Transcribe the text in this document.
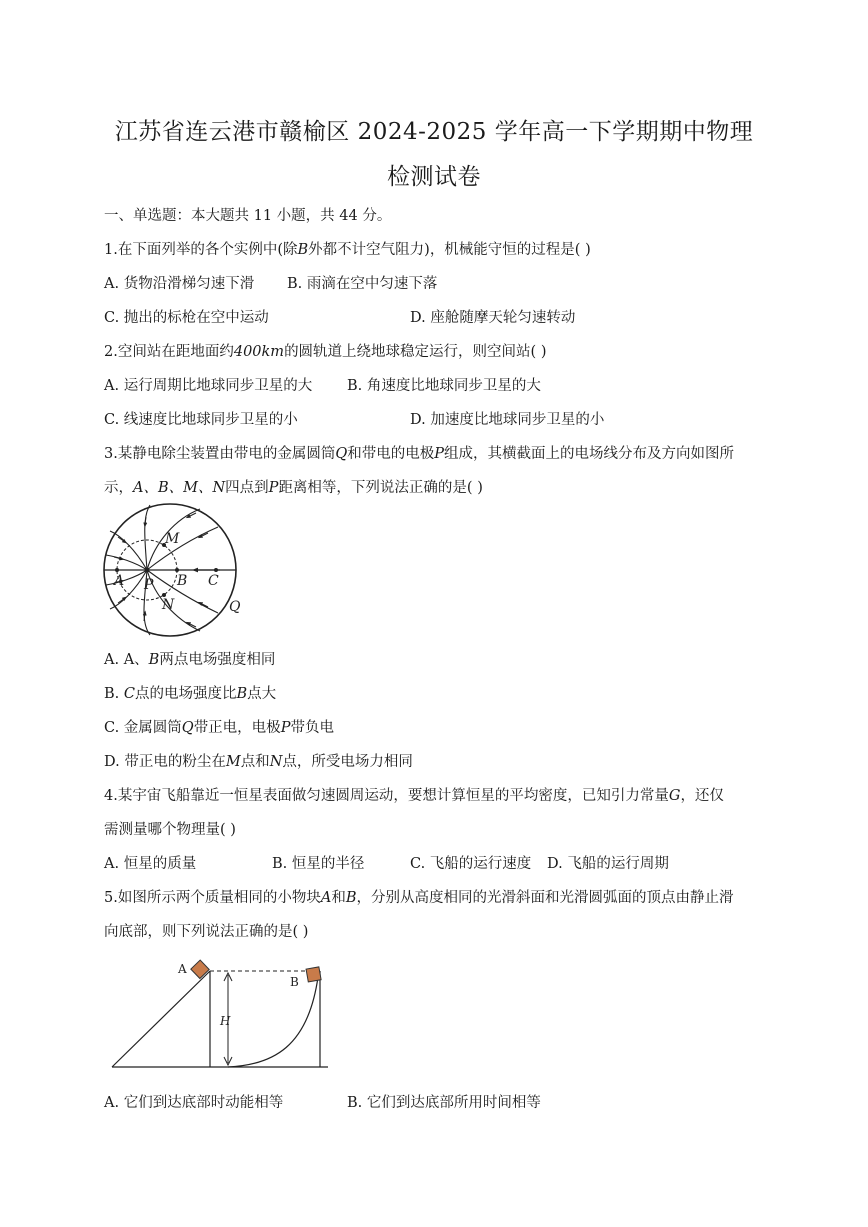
江苏省连云港市赣榆区 2024-2025 学年高一下学期期中物理
检测试卷
一、单选题：本大题共 11 小题，共 44 分。
1.在下面列举的各个实例中(除B外都不计空气阻力)，机械能守恒的过程是( )
A. 货物沿滑梯匀速下滑 B. 雨滴在空中匀速下落
C. 抛出的标枪在空中运动	D. 座舱随摩天轮匀速转动
2.空间站在距地面约400km的圆轨道上绕地球稳定运行，则空间站( )
A. 运行周期比地球同步卫星的大 B. 角速度比地球同步卫星的大
C. 线速度比地球同步卫星的小	D. 加速度比地球同步卫星的小
3.某静电除尘装置由带电的金属圆筒Q和带电的电极P组成，其横截面上的电场线分布及方向如图所
示，A、B、M、N四点到P距离相等，下列说法正确的是( )
M
A P B C
N	Q
A. A、B两点电场强度相同
B. C点的电场强度比B点大
C. 金属圆筒Q带正电，电极P带负电
D. 带正电的粉尘在M点和N点，所受电场力相同
4.某宇宙飞船靠近一恒星表面做匀速圆周运动，要想计算恒星的平均密度，已知引力常量G，还仅
需测量哪个物理量( )
A. 恒星的质量	B. 恒星的半径	C. 飞船的运行速度 D. 飞船的运行周期
5.如图所示两个质量相同的小物块A和B，分别从高度相同的光滑斜面和光滑圆弧面的顶点由静止滑
向底部，则下列说法正确的是( )
A
B
H
A. 它们到达底部时动能相等	B. 它们到达底部所用时间相等
